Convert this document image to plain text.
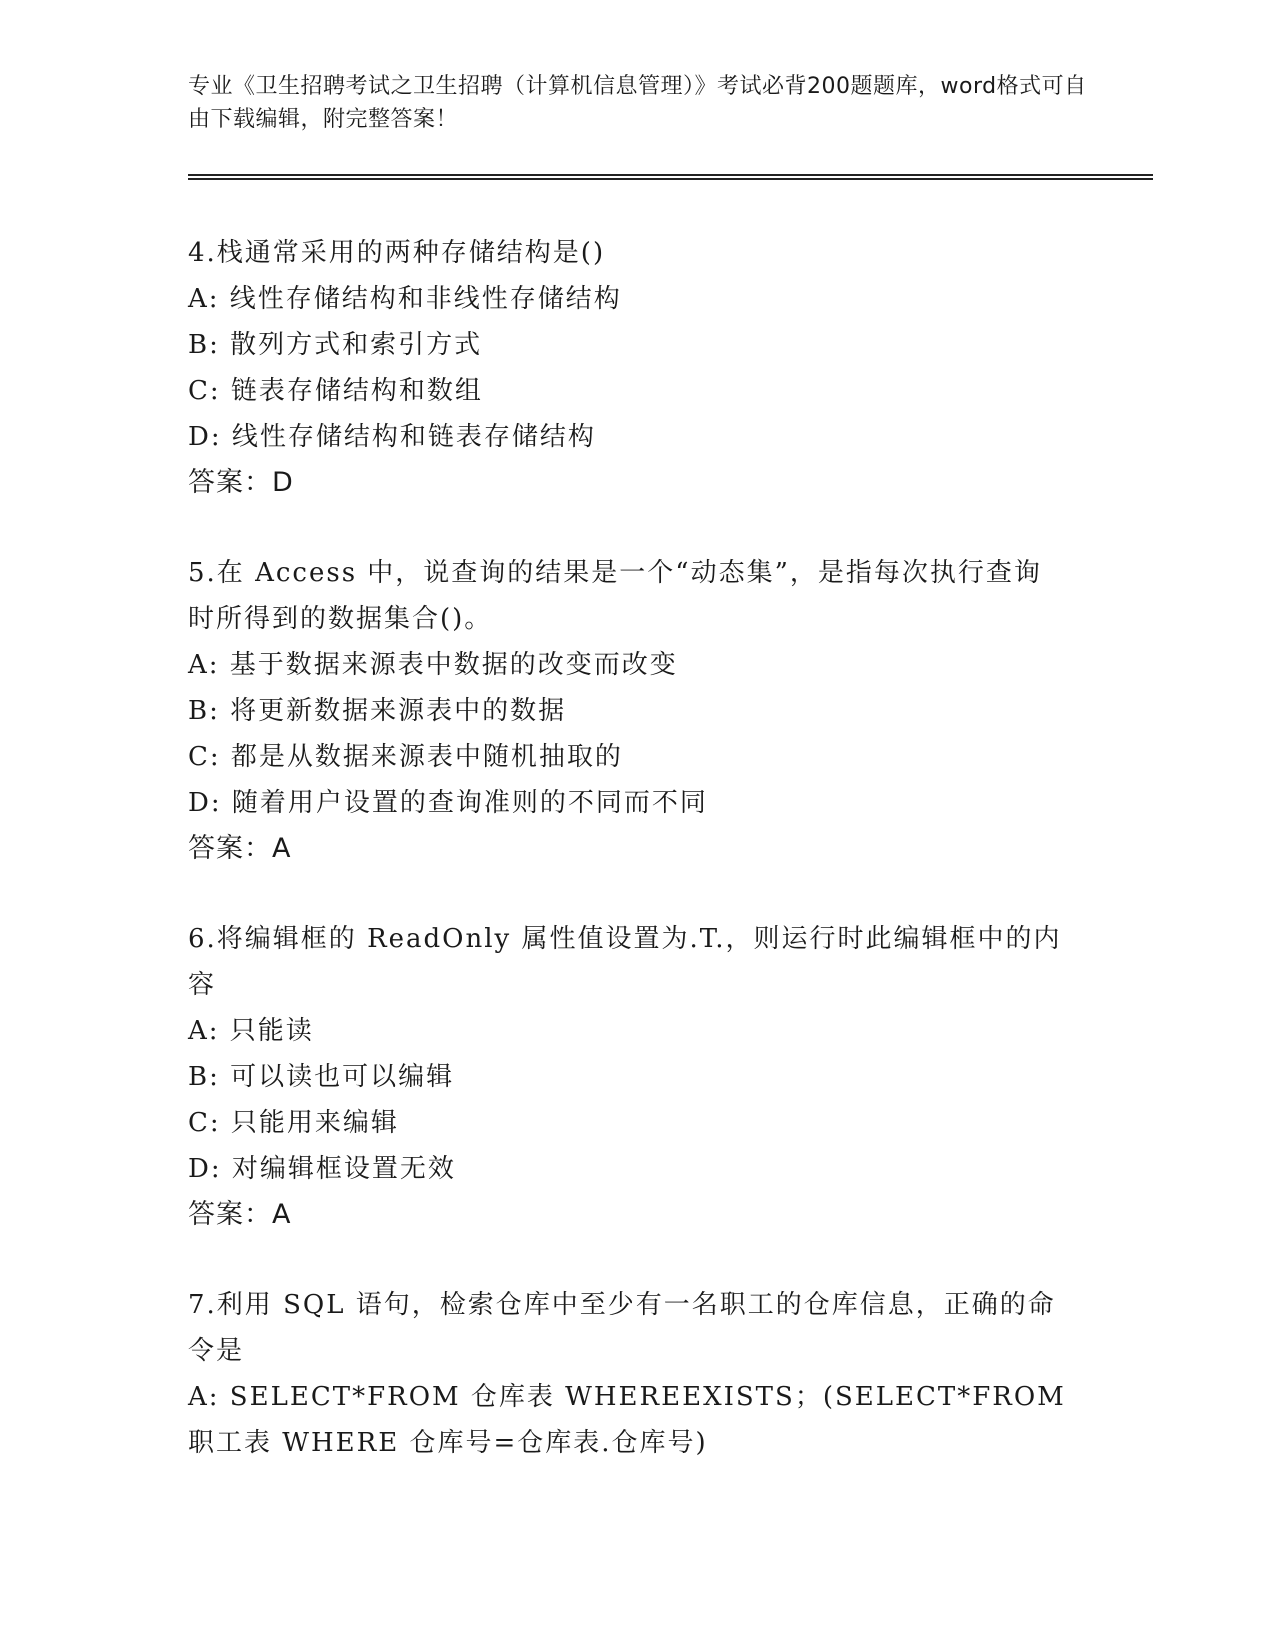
专业《卫生招聘考试之卫生招聘（计算机信息管理）》考试必背200题题库，word格式可自由下载编辑，附完整答案！
4.栈通常采用的两种存储结构是()
A: 线性存储结构和非线性存储结构
B: 散列方式和索引方式
C: 链表存储结构和数组
D: 线性存储结构和链表存储结构
答案：D
5.在 Access 中，说查询的结果是一个“动态集”，是指每次执行查询时所得到的数据集合()。
A: 基于数据来源表中数据的改变而改变
B: 将更新数据来源表中的数据
C: 都是从数据来源表中随机抽取的
D: 随着用户设置的查询准则的不同而不同
答案：A
6.将编辑框的 ReadOnly 属性值设置为.T.，则运行时此编辑框中的内容
A: 只能读
B: 可以读也可以编辑
C: 只能用来编辑
D: 对编辑框设置无效
答案：A
7.利用 SQL 语句，检索仓库中至少有一名职工的仓库信息，正确的命令是
A: SELECT*FROM 仓库表 WHEREEXISTS；(SELECT*FROM 职工表 WHERE 仓库号=仓库表.仓库号)
